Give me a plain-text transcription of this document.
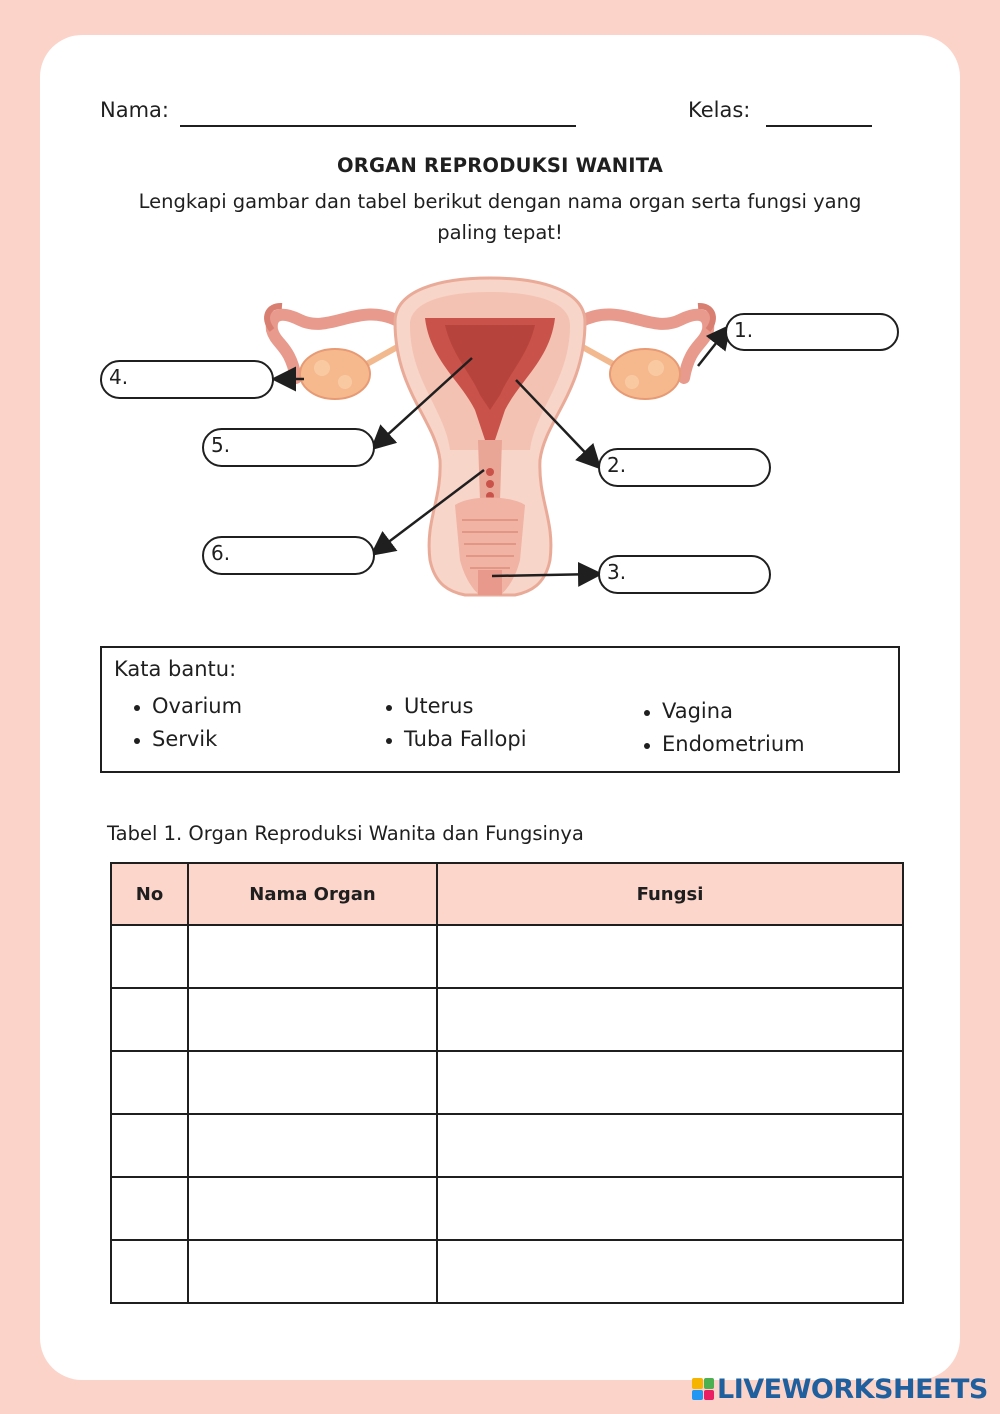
Nama:	Kelas:
ORGAN REPRODUKSI WANITA
Lengkapi gambar dan tabel berikut dengan nama organ serta fungsi yang paling tepat!
1.
2.
3.
4.
5.
6.
Kata bantu:
Ovarium
Servik
Uterus
Tuba Fallopi
Vagina
Endometrium
Tabel 1. Organ Reproduksi Wanita dan Fungsinya
No	Nama Organ	Fungsi

LIVEWORKSHEETS
